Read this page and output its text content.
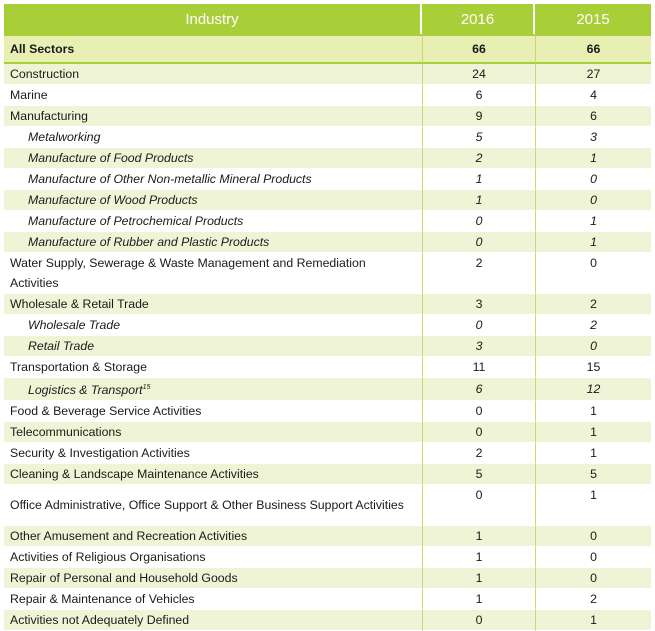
Industry	2016	2015
All Sectors	66	66
Construction	24	27
Marine	6	4
Manufacturing	9	6
Metalworking	5	3
Manufacture of Food Products	2	1
Manufacture of Other Non-metallic Mineral Products	1	0
Manufacture of Wood Products	1	0
Manufacture of Petrochemical Products	0	1
Manufacture of Rubber and Plastic Products	0	1
Water Supply, Sewerage & Waste Management and Remediation Activities	2	0
Wholesale & Retail Trade	3	2
Wholesale Trade	0	2
Retail Trade	3	0
Transportation & Storage	11	15
Logistics & Transport$^{15}$	6	12
Food & Beverage Service Activities	0	1
Telecommunications	0	1
Security & Investigation Activities	2	1
Cleaning & Landscape Maintenance Activities	5	5
Office Administrative, Office Support & Other Business Support Activities	0	1
Other Amusement and Recreation Activities	1	0
Activities of Religious Organisations	1	0
Repair of Personal and Household Goods	1	0
Repair & Maintenance of Vehicles	1	2
Activities not Adequately Defined	0	1
